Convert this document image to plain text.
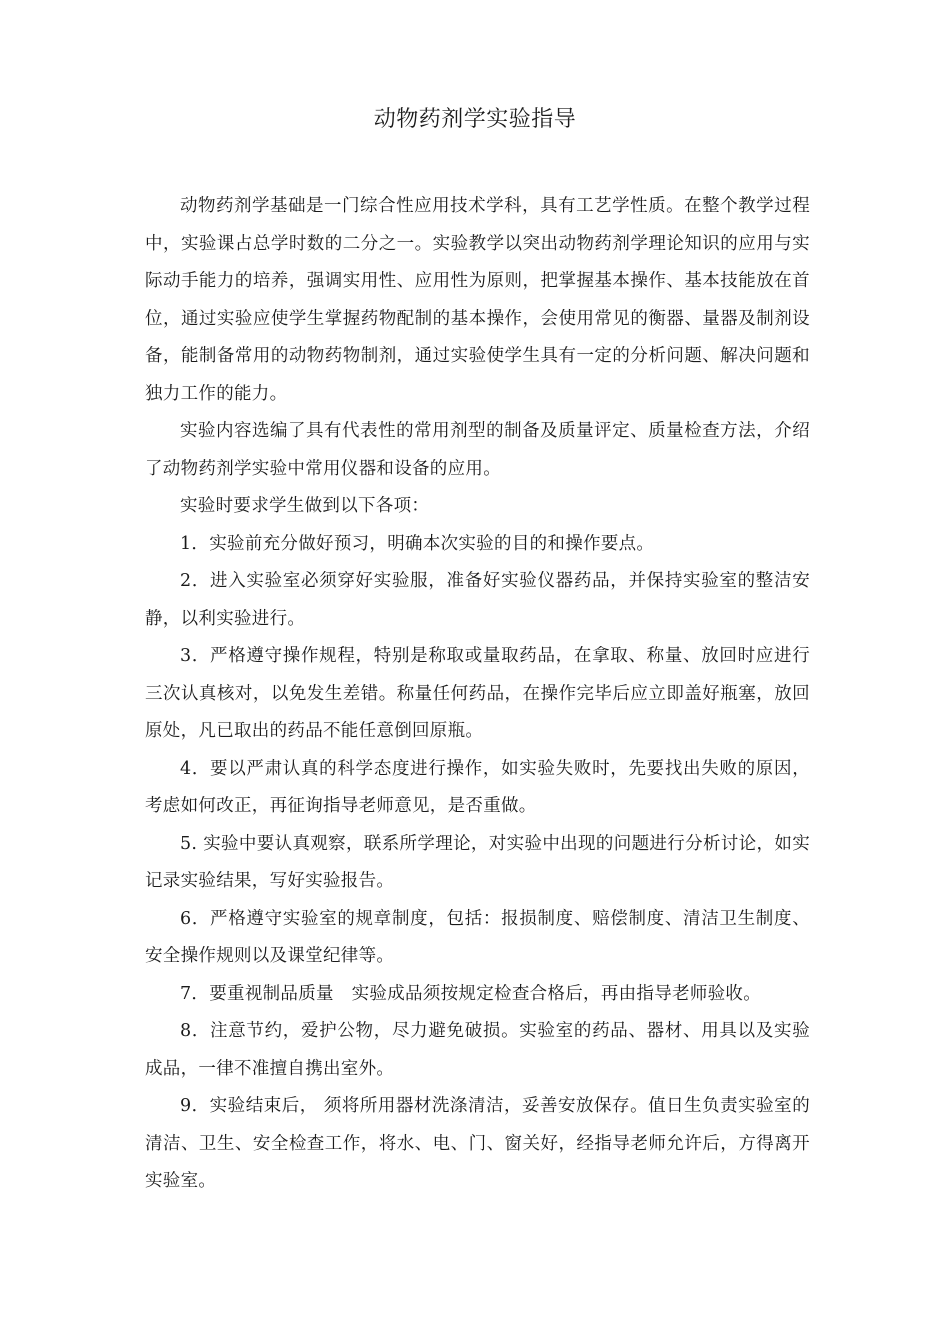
动物药剂学实验指导

动物药剂学基础是一门综合性应用技术学科，具有工艺学性质。在整个教学过程中，实验课占总学时数的二分之一。实验教学以突出动物药剂学理论知识的应用与实际动手能力的培养，强调实用性、应用性为原则，把掌握基本操作、基本技能放在首位，通过实验应使学生掌握药物配制的基本操作，会使用常见的衡器、量器及制剂设备，能制备常用的动物药物制剂，通过实验使学生具有一定的分析问题、解决问题和独力工作的能力。

实验内容选编了具有代表性的常用剂型的制备及质量评定、质量检查方法，介绍了动物药剂学实验中常用仪器和设备的应用。

实验时要求学生做到以下各项：

1．实验前充分做好预习，明确本次实验的目的和操作要点。

2．进入实验室必须穿好实验服，准备好实验仪器药品，并保持实验室的整洁安静，以利实验进行。

3．严格遵守操作规程，特别是称取或量取药品，在拿取、称量、放回时应进行三次认真核对，以免发生差错。称量任何药品，在操作完毕后应立即盖好瓶塞，放回原处，凡已取出的药品不能任意倒回原瓶。

4．要以严肃认真的科学态度进行操作，如实验失败时，先要找出失败的原因，考虑如何改正，再征询指导老师意见，是否重做。

5. 实验中要认真观察，联系所学理论，对实验中出现的问题进行分析讨论，如实记录实验结果，写好实验报告。

6．严格遵守实验室的规章制度，包括：报损制度、赔偿制度、清洁卫生制度、安全操作规则以及课堂纪律等。

7．要重视制品质量　实验成品须按规定检查合格后，再由指导老师验收。

8．注意节约，爱护公物，尽力避免破损。实验室的药品、器材、用具以及实验成品，一律不准擅自携出室外。

9．实验结束后， 须将所用器材洗涤清洁，妥善安放保存。值日生负责实验室的清洁、卫生、安全检查工作，将水、电、门、窗关好，经指导老师允许后，方得离开实验室。
